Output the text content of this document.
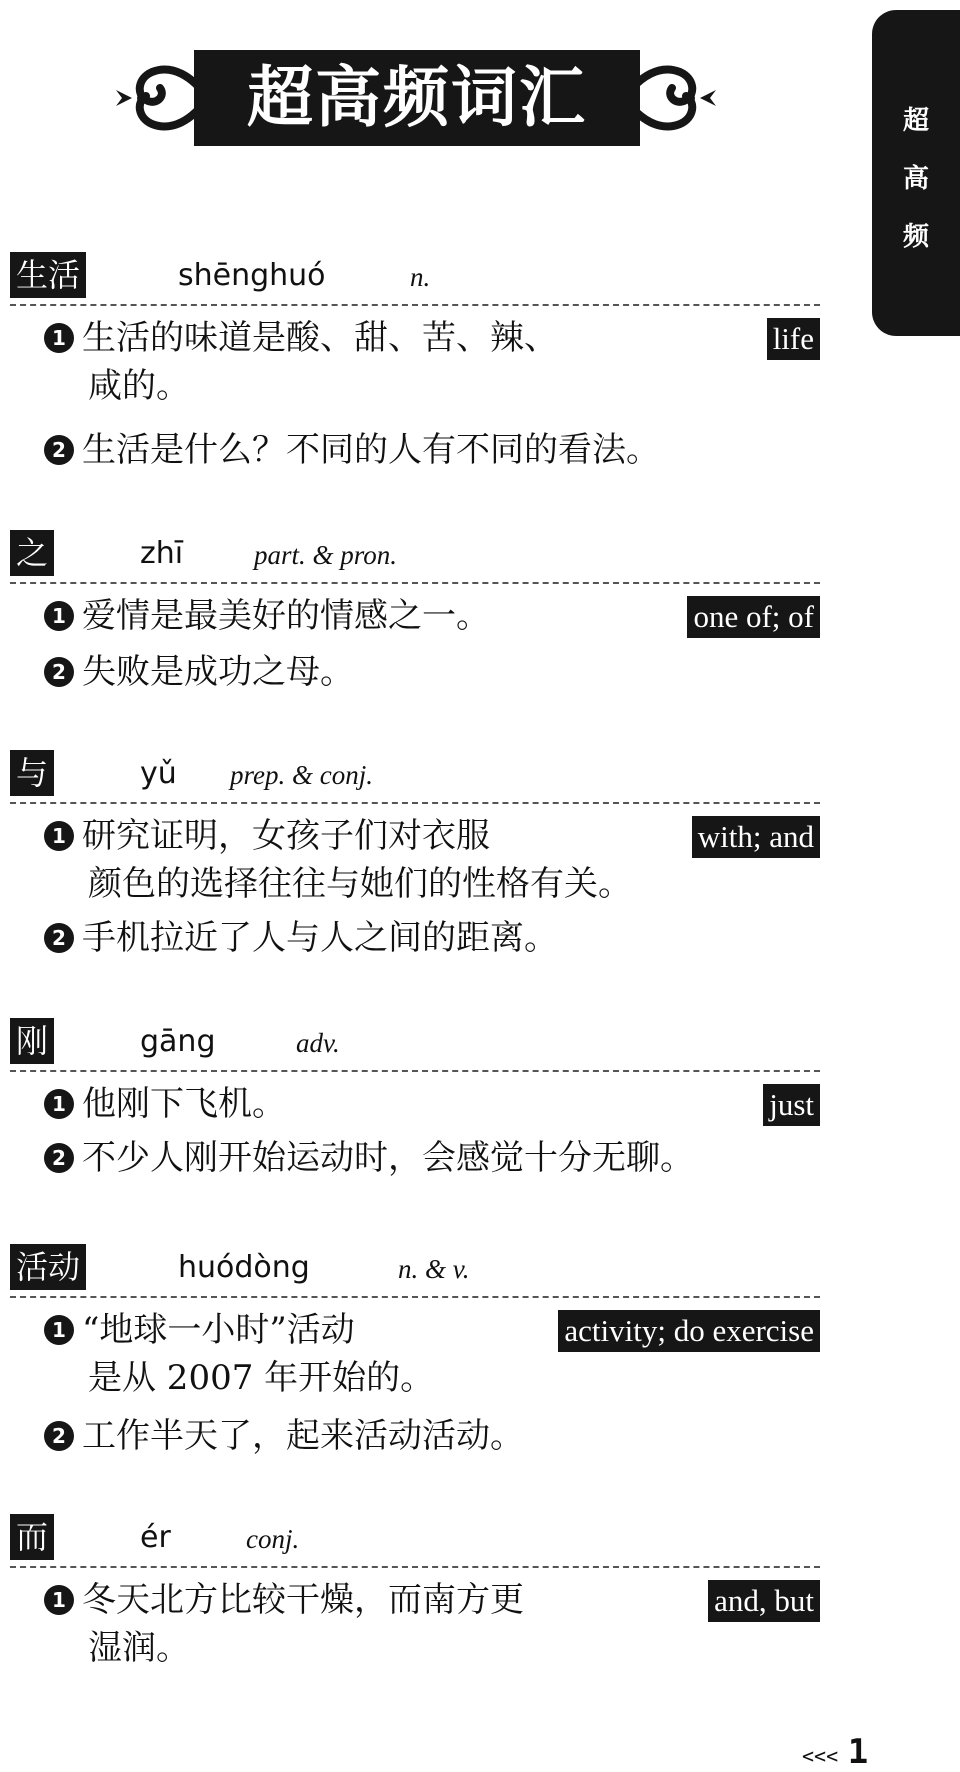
超高频词汇	超
高
频
生活	shēnghuó	n.
1 生活的味道是酸、甜、苦、辣、	life
咸的。
2 生活是什么？不同的人有不同的看法。
之	zhī	part. & pron.
1 爱情是最美好的情感之一。	one of; of
2 失败是成功之母。
与	yǔ prep. & conj.
1 研究证明，女孩子们对衣服	with; and
颜色的选择往往与她们的性格有关。
2 手机拉近了人与人之间的距离。
刚	gāng	adv.
1 他刚下飞机。	just
2 不少人刚开始运动时，会感觉十分无聊。
活动	huódòng	n. & v.
1 “地球一小时”活动	activity; do exercise
是从 2007 年开始的。
2 工作半天了，起来活动活动。
而	ér	conj.
1 冬天北方比较干燥，而南方更	and, but
湿润。
<<< 1
